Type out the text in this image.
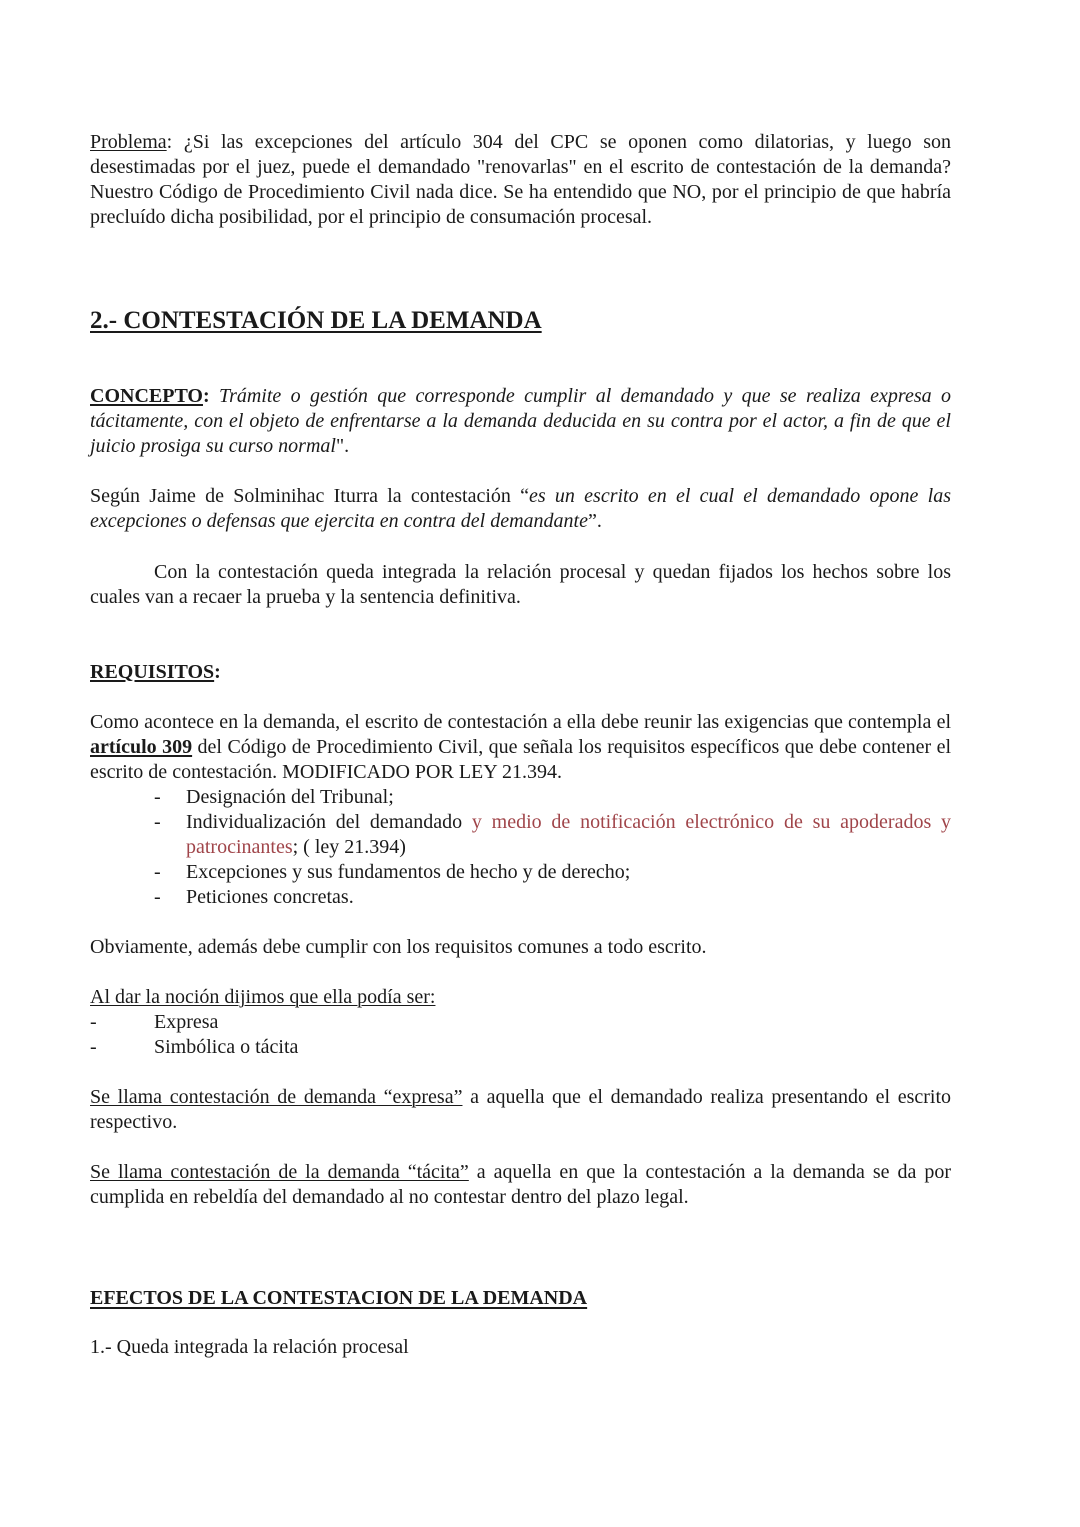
Problema: ¿Si las excepciones del artículo 304 del CPC se oponen como dilatorias, y luego son desestimadas por el juez, puede el demandado "renovarlas" en el escrito de contestación de la demanda? Nuestro Código de Procedimiento Civil nada dice. Se ha entendido que NO, por el principio de que habría precluído dicha posibilidad, por el principio de consumación procesal.
2.- CONTESTACIÓN DE LA DEMANDA
CONCEPTO: Trámite o gestión que corresponde cumplir al demandado y que se realiza expresa o tácitamente, con el objeto de enfrentarse a la demanda deducida en su contra por el actor, a fin de que el juicio prosiga su curso normal".
Según Jaime de Solminihac Iturra la contestación “es un escrito en el cual el demandado opone las excepciones o defensas que ejercita en contra del demandante”.
Con la contestación queda integrada la relación procesal y quedan fijados los hechos sobre los cuales van a recaer la prueba y la sentencia definitiva.
REQUISITOS:
Como acontece en la demanda, el escrito de contestación a ella debe reunir las exigencias que contempla el artículo 309 del Código de Procedimiento Civil, que señala los requisitos específicos que debe contener el escrito de contestación. MODIFICADO POR LEY 21.394.
- Designación del Tribunal;
- Individualización del demandado y medio de notificación electrónico de su apoderados y patrocinantes; ( ley 21.394)
- Excepciones y sus fundamentos de hecho y de derecho;
- Peticiones concretas.
Obviamente, además debe cumplir con los requisitos comunes a todo escrito.
Al dar la noción dijimos que ella podía ser:
-	Expresa
-	Simbólica o tácita
Se llama contestación de demanda “expresa” a aquella que el demandado realiza presentando el escrito respectivo.
Se llama contestación de la demanda “tácita” a aquella en que la contestación a la demanda se da por cumplida en rebeldía del demandado al no contestar dentro del plazo legal.
EFECTOS DE LA CONTESTACION DE LA DEMANDA
1.- Queda integrada la relación procesal
